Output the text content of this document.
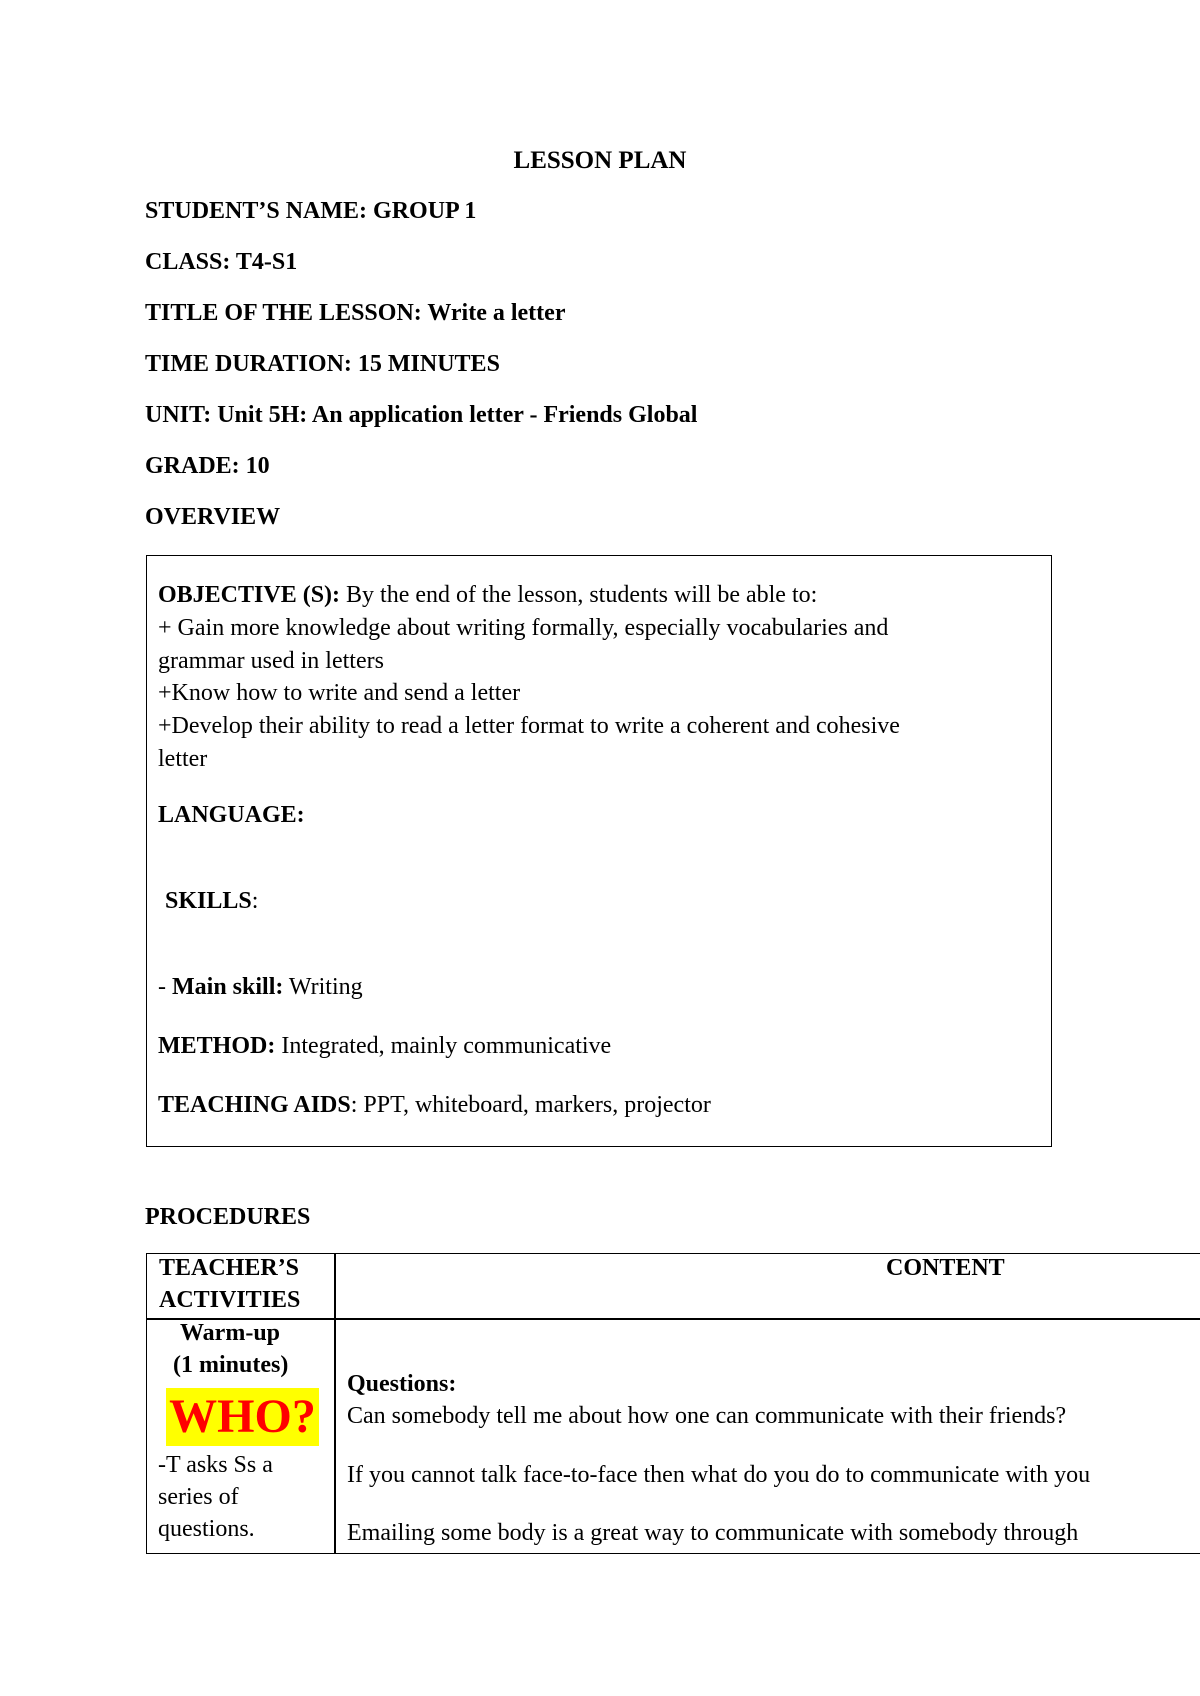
LESSON PLAN
STUDENT’S NAME: GROUP 1
CLASS: T4-S1
TITLE OF THE LESSON: Write a letter
TIME DURATION: 15 MINUTES
UNIT: Unit 5H: An application letter - Friends Global
GRADE: 10
OVERVIEW
OBJECTIVE (S): By the end of the lesson, students will be able to:
+ Gain more knowledge about writing formally, especially vocabularies and
grammar used in letters
+Know how to write and send a letter
+Develop their ability to read a letter format to write a coherent and cohesive
letter
LANGUAGE:
SKILLS:
- Main skill: Writing
METHOD: Integrated, mainly communicative
TEACHING AIDS: PPT, whiteboard, markers, projector
PROCEDURES
TEACHER’S
ACTIVITIES
CONTENT
Warm-up
(1 minutes)
WHO?
-T asks Ss a
series of
questions.
Questions:
Can somebody tell me about how one can communicate with their friends?
If you cannot talk face-to-face then what do you do to communicate with you
Emailing some body is a great way to communicate with somebody through
